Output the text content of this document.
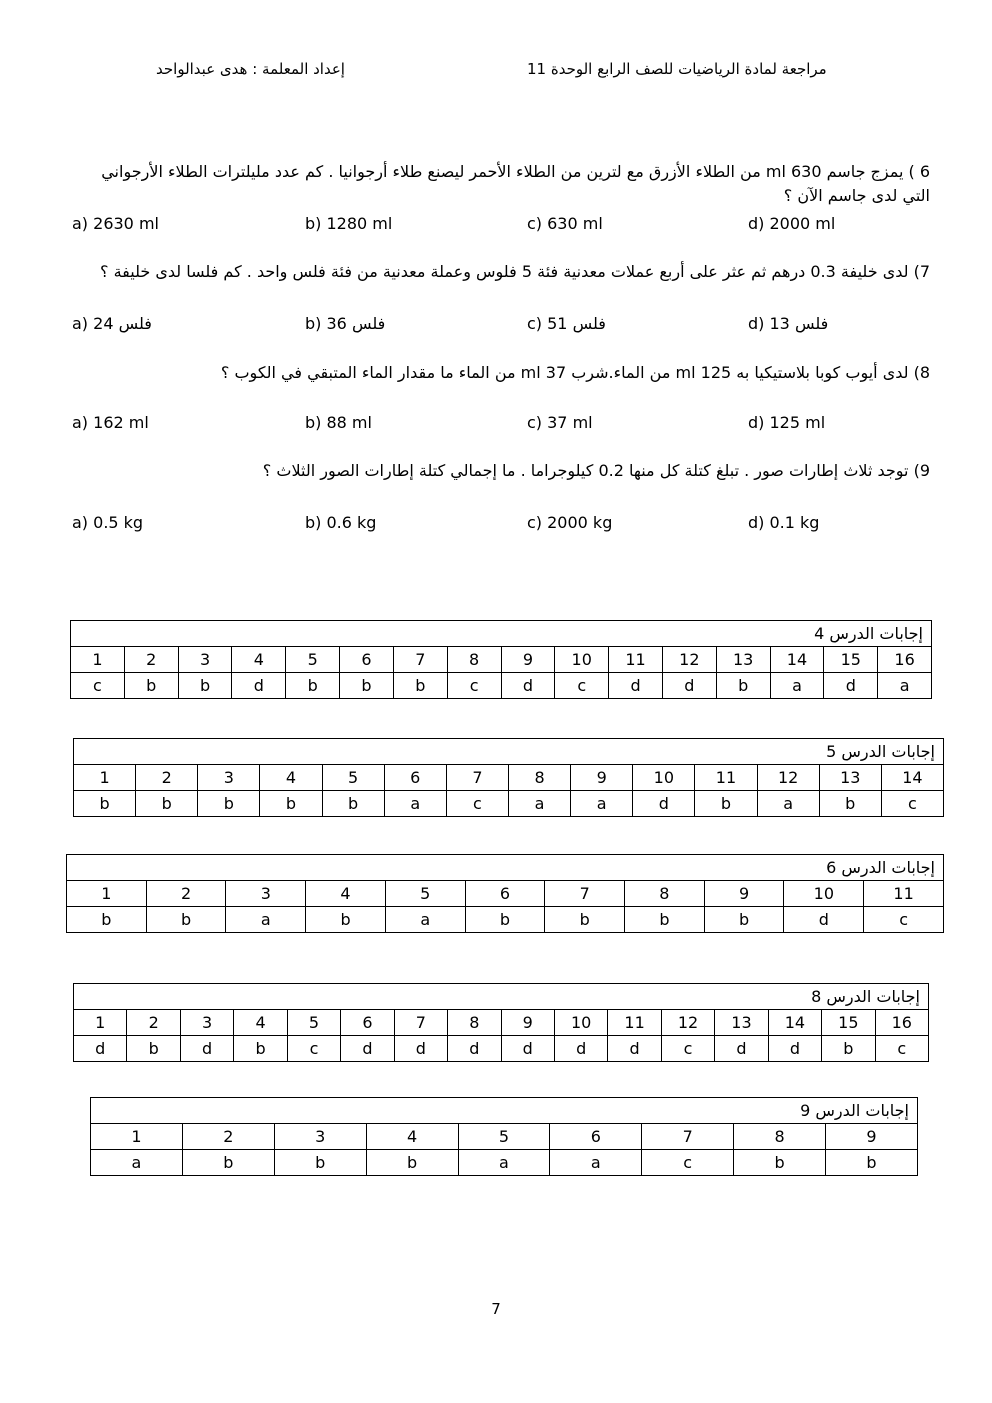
مراجعة لمادة الرياضيات للصف الرابع الوحدة 11
إعداد المعلمة : هدى عبدالواحد
6 ) يمزج جاسم 630 ml من الطلاء الأزرق مع لترين من الطلاء الأحمر ليصنع طلاء أرجوانيا . كم عدد مليلترات الطلاء الأرجواني
التي لدى جاسم الآن ؟
a) 2630 ml	b) 1280 ml	c) 630 ml	d) 2000 ml
7) لدى خليفة 0.3 درهم ثم عثر على أربع عملات معدنية فئة 5 فلوس وعملة معدنية من فئة فلس واحد . كم فلسا لدى خليفة ؟
a) 24 فلس	b) 36 فلس	c) 51 فلس	d) 13 فلس
8) لدى أيوب كوبا بلاستيكيا به 125 ml من الماء.شرب 37 ml من الماء ما مقدار الماء المتبقي في الكوب ؟
a) 162 ml	b) 88 ml	c) 37 ml	d) 125 ml
9) توجد ثلاث إطارات صور . تبلغ كتلة كل منها 0.2 كيلوجراما . ما إجمالي كتلة إطارات الصور الثلاث ؟
a) 0.5 kg	b) 0.6 kg	c) 2000 kg	d) 0.1 kg
إجابات الدرس 4															
1	2	3	4	5	6	7	8	9	10	11	12	13	14	15	16
c	b	b	d	b	b	b	c	d	c	d	d	b	a	d	a
إجابات الدرس 5													
1	2	3	4	5	6	7	8	9	10	11	12	13	14
b	b	b	b	b	a	c	a	a	d	b	a	b	c
إجابات الدرس 6										
1	2	3	4	5	6	7	8	9	10	11
b	b	a	b	a	b	b	b	b	d	c
إجابات الدرس 8															
1	2	3	4	5	6	7	8	9	10	11	12	13	14	15	16
d	b	d	b	c	d	d	d	d	d	d	c	d	d	b	c
إجابات الدرس 9								
1	2	3	4	5	6	7	8	9
a	b	b	b	a	a	c	b	b
7
